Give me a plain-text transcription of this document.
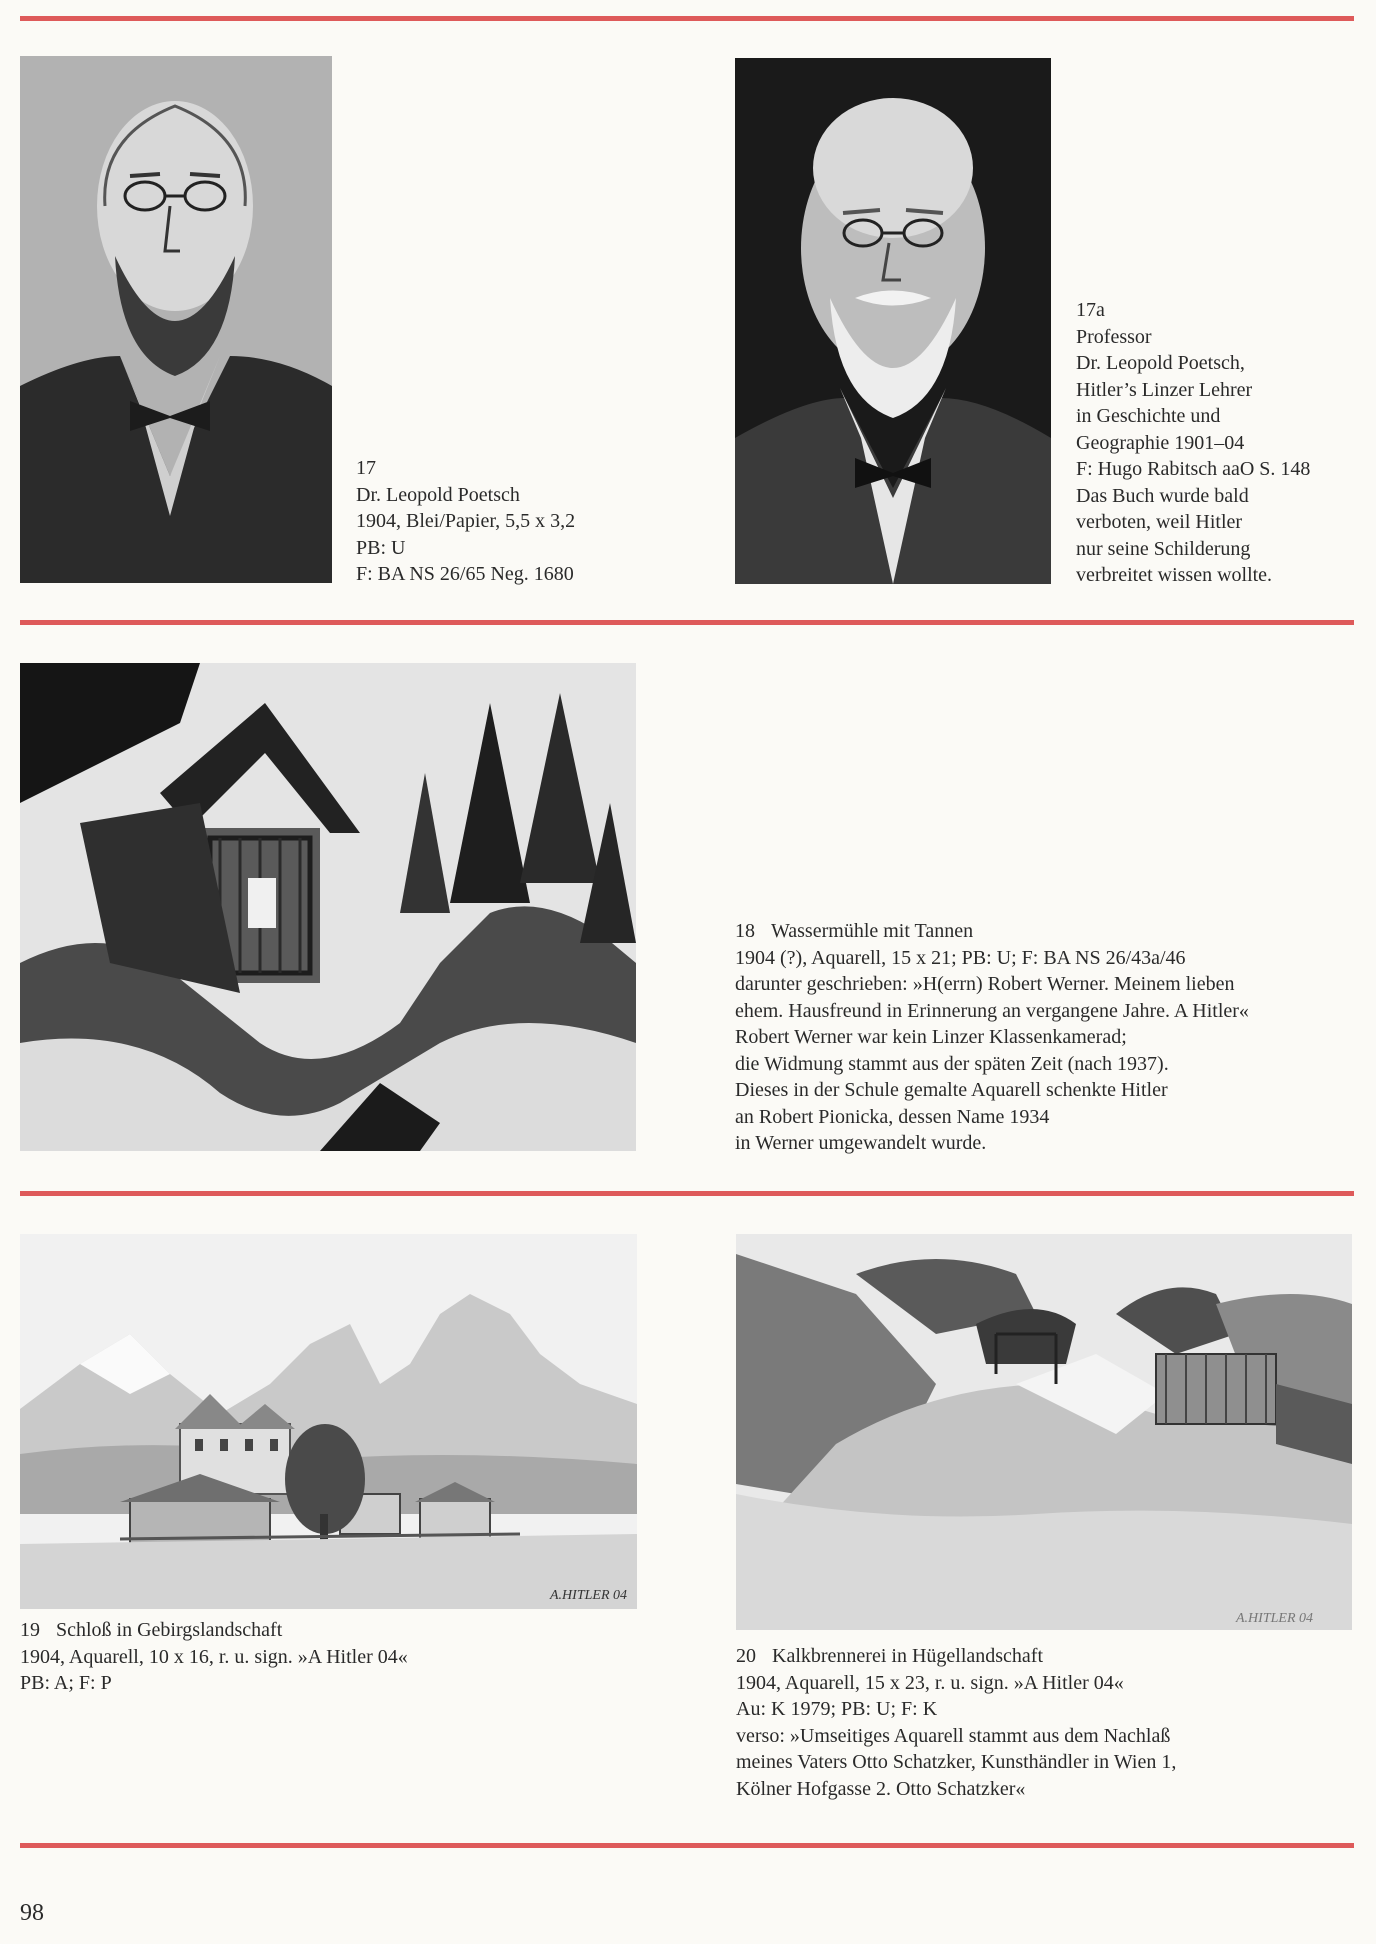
17
Dr. Leopold Poetsch
1904, Blei/Papier, 5,5 x 3,2
PB: U
F: BA NS 26/65 Neg. 1680
17a
Professor
Dr. Leopold Poetsch,
Hitler’s Linzer Lehrer
in Geschichte und
Geographie 1901–04
F: Hugo Rabitsch aaO S. 148
Das Buch wurde bald
verboten, weil Hitler
nur seine Schilderung
verbreitet wissen wollte.
18 Wassermühle mit Tannen
1904 (?), Aquarell, 15 x 21; PB: U; F: BA NS 26/43a/46
darunter geschrieben: »H(errn) Robert Werner. Meinem lieben
ehem. Hausfreund in Erinnerung an vergangene Jahre. A Hitler«
Robert Werner war kein Linzer Klassenkamerad;
die Widmung stammt aus der späten Zeit (nach 1937).
Dieses in der Schule gemalte Aquarell schenkte Hitler
an Robert Pionicka, dessen Name 1934
in Werner umgewandelt wurde.
A.HITLER 04
19 Schloß in Gebirgslandschaft
1904, Aquarell, 10 x 16, r. u. sign. »A Hitler 04«
PB: A; F: P
A.HITLER 04
20 Kalkbrennerei in Hügellandschaft
1904, Aquarell, 15 x 23, r. u. sign. »A Hitler 04«
Au: K 1979; PB: U; F: K
verso: »Umseitiges Aquarell stammt aus dem Nachlaß
meines Vaters Otto Schatzker, Kunsthändler in Wien 1,
Kölner Hofgasse 2. Otto Schatzker«
98
